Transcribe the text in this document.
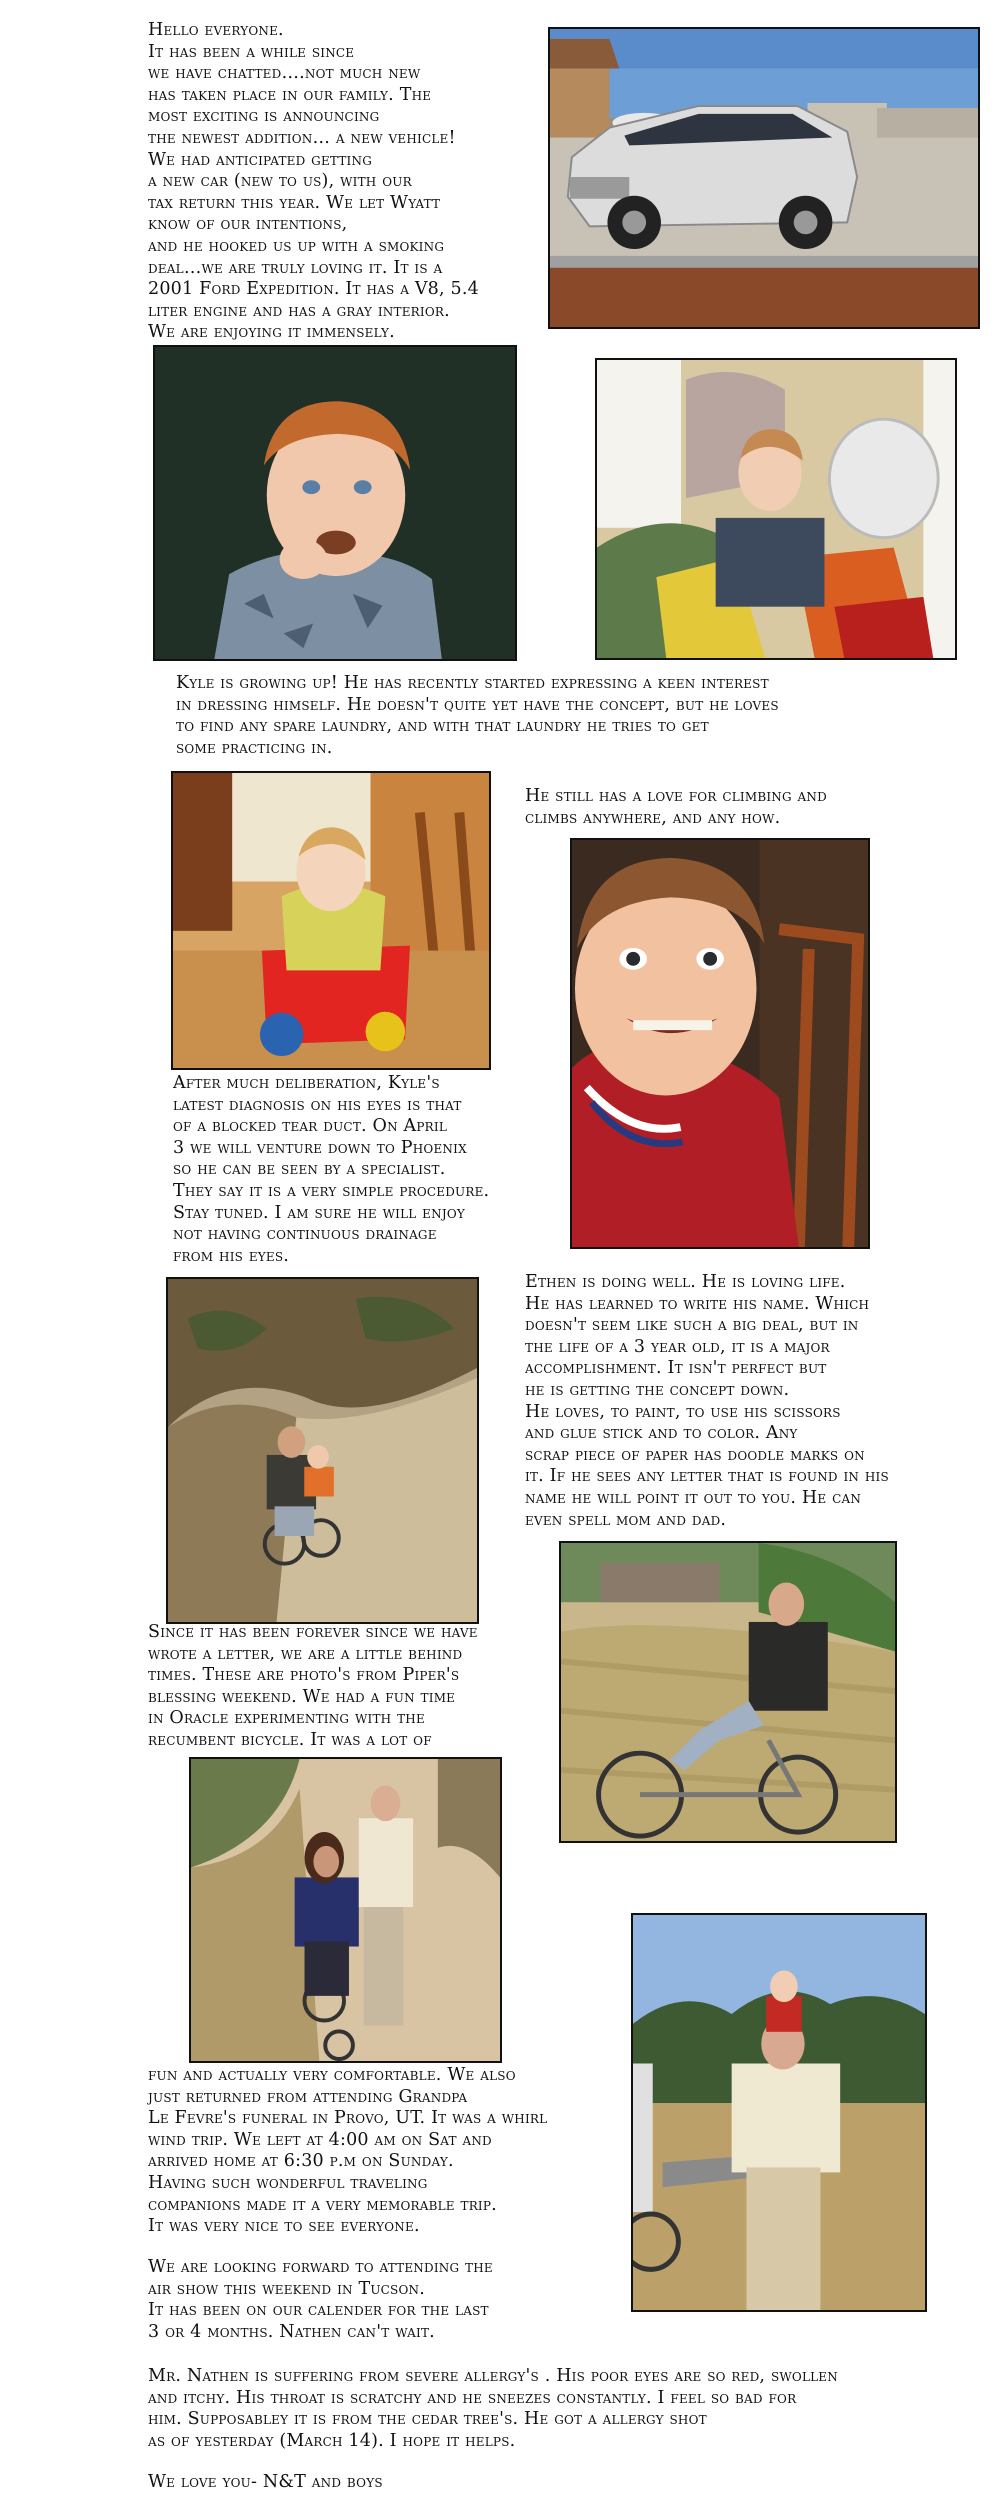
Hello everyone.
It has been a while since
we have chatted….not much new
has taken place in our family. The
most exciting is announcing
the newest addition… a new vehicle!
We had anticipated getting
a new car (new to us), with our
tax return this year. We let Wyatt
know of our intentions,
and he hooked us up with a smoking
deal…we are truly loving it. It is a
2001 Ford Expedition. It has a V8, 5.4
liter engine and has a gray interior.
We are enjoying it immensely.

Kyle is growing up! He has recently started expressing a keen interest
in dressing himself. He doesn't quite yet have the concept, but he loves
to find any spare laundry, and with that laundry he tries to get
some practicing in.

He still has a love for climbing and
climbs anywhere, and any how.

After much deliberation, Kyle's
latest diagnosis on his eyes is that
of a blocked tear duct. On April
3 we will venture down to Phoenix
so he can be seen by a specialist.
They say it is a very simple procedure.
Stay tuned. I am sure he will enjoy
not having continuous drainage
from his eyes.

Ethen is doing well. He is loving life.
He has learned to write his name. Which
doesn't seem like such a big deal, but in
the life of a 3 year old, it is a major
accomplishment. It isn't perfect but
he is getting the concept down.
He loves, to paint, to use his scissors
and glue stick and to color. Any
scrap piece of paper has doodle marks on
it. If he sees any letter that is found in his
name he will point it out to you. He can
even spell mom and dad.

Since it has been forever since we have
wrote a letter, we are a little behind
times. These are photo's from Piper's
blessing weekend. We had a fun time
in Oracle experimenting with the
recumbent bicycle. It was a lot of

fun and actually very comfortable. We also
just returned from attending Grandpa
Le Fevre's funeral in Provo, UT. It was a whirl
wind trip. We left at 4:00 am on Sat and
arrived home at 6:30 p.m on Sunday.
Having such wonderful traveling
companions made it a very memorable trip.
It was very nice to see everyone.

We are looking forward to attending the
air show this weekend in Tucson.
It has been on our calender for the last
3 or 4 months. Nathen can't wait.

Mr. Nathen is suffering from severe allergy's . His poor eyes are so red, swollen
and itchy. His throat is scratchy and he sneezes constantly. I feel so bad for
him. Supposabley it is from the cedar tree's. He got a allergy shot
as of yesterday (March 14). I hope it helps.

We love you- N&T and boys
